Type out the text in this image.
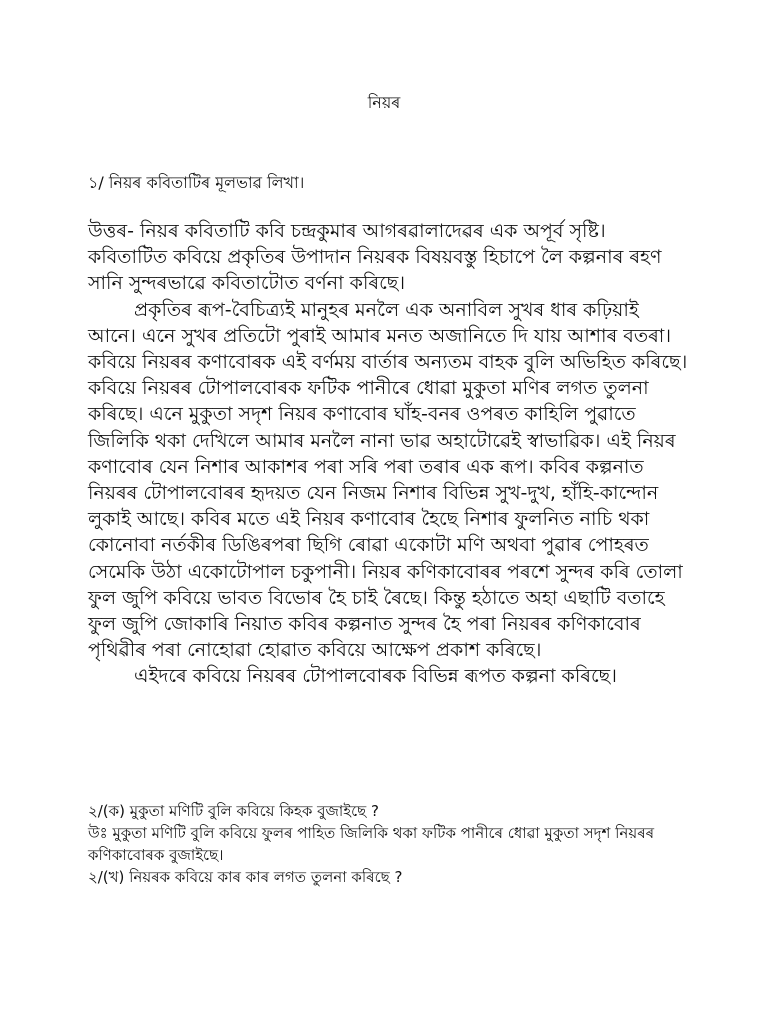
নিয়ৰ

১/ নিয়ৰ কবিতাটিৰ মূলভাৱ লিখা।

উত্তৰ- নিয়ৰ কবিতাটি কবি চন্দ্ৰকুমাৰ আগৰৱালাদেৱৰ এক অপূৰ্ব সৃষ্টি। কবিতাটিত কবিয়ে প্ৰকৃতিৰ উপাদান নিয়ৰক বিষয়বস্তু হিচাপে লৈ কল্পনাৰ ৰহণ সানি সুন্দৰভাৱে কবিতাটোত বৰ্ণনা কৰিছে।

প্ৰকৃতিৰ ৰূপ-বৈচিত্ৰ্যই মানুহৰ মনলৈ এক অনাবিল সুখৰ ধাৰ কঢ়িয়াই আনে। এনে সুখৰ প্ৰতিটো পুৰাই আমাৰ মনত অজানিতে দি যায় আশাৰ বতৰা। কবিয়ে নিয়ৰৰ কণাবোৰক এই বৰ্ণময় বাৰ্তাৰ অন্যতম বাহক বুলি অভিহিত কৰিছে। কবিয়ে নিয়ৰৰ টোপালবোৰক ফটিক পানীৰে ধোৱা মুকুতা মণিৰ লগত তুলনা কৰিছে। এনে মুকুতা সদৃশ নিয়ৰ কণাবোৰ ঘাঁহ-বনৰ ওপৰত কাহিলি পুৱাতে জিলিকি থকা দেখিলে আমাৰ মনলৈ নানা ভাৱ অহাটোৱেই স্বাভাৱিক। এই নিয়ৰ কণাবোৰ যেন নিশাৰ আকাশৰ পৰা সৰি পৰা তৰাৰ এক ৰূপ। কবিৰ কল্পনাত নিয়ৰৰ টোপালবোৰৰ হৃদয়ত যেন নিজম নিশাৰ বিভিন্ন সুখ-দুখ, হাঁহি-কান্দোন লুকাই আছে। কবিৰ মতে এই নিয়ৰ কণাবোৰ হৈছে নিশাৰ ফুলনিত নাচি থকা কোনোবা নৰ্তকীৰ ডিঙিৰপৰা ছিগি ৰোৱা একোটা মণি অথবা পুৱাৰ পোহৰত সেমেকি উঠা একোটোপাল চকুপানী। নিয়ৰ কণিকাবোৰৰ পৰশে সুন্দৰ কৰি তোলা ফুল জুপি কবিয়ে ভাবত বিভোৰ হৈ চাই ৰৈছে। কিন্তু হঠাতে অহা এছাটি বতাহে ফুল জুপি জোকাৰি নিয়াত কবিৰ কল্পনাত সুন্দৰ হৈ পৰা নিয়ৰৰ কণিকাবোৰ পৃথিৱীৰ পৰা নোহোৱা হোৱাত কবিয়ে আক্ষেপ প্ৰকাশ কৰিছে।

এইদৰে কবিয়ে নিয়ৰৰ টোপালবোৰক বিভিন্ন ৰূপত কল্পনা কৰিছে।

২/(ক) মুকুতা মণিটি বুলি কবিয়ে কিহক বুজাইছে ?

উঃ মুকুতা মণিটি বুলি কবিয়ে ফুলৰ পাহিত জিলিকি থকা ফটিক পানীৰে ধোৱা মুকুতা সদৃশ নিয়ৰৰ কণিকাবোৰক বুজাইছে।

২/(খ) নিয়ৰক কবিয়ে কাৰ কাৰ লগত তুলনা কৰিছে ?
